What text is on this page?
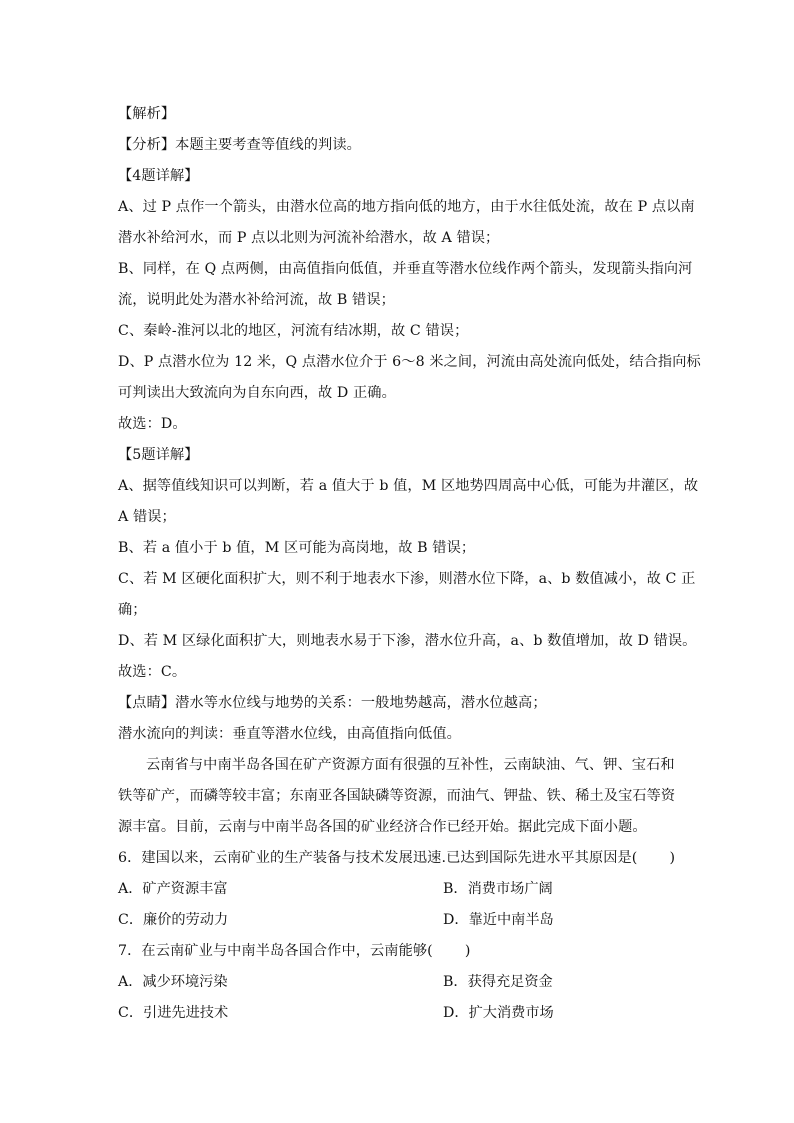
【解析】
【分析】本题主要考查等值线的判读。
【4题详解】
A、过 P 点作一个箭头，由潜水位高的地方指向低的地方，由于水往低处流，故在 P 点以南
潜水补给河水，而 P 点以北则为河流补给潜水，故 A 错误；
B、同样，在 Q 点两侧，由高值指向低值，并垂直等潜水位线作两个箭头，发现箭头指向河
流，说明此处为潜水补给河流，故 B 错误；
C、秦岭-淮河以北的地区，河流有结冰期，故 C 错误；
D、P 点潜水位为 12 米，Q 点潜水位介于 6～8 米之间，河流由高处流向低处，结合指向标
可判读出大致流向为自东向西，故 D 正确。
故选：D。
【5题详解】
A、据等值线知识可以判断，若 a 值大于 b 值，M 区地势四周高中心低，可能为井灌区，故
A 错误；
B、若 a 值小于 b 值，M 区可能为高岗地，故 B 错误；
C、若 M 区硬化面积扩大，则不利于地表水下渗，则潜水位下降，a、b 数值减小，故 C 正
确；
D、若 M 区绿化面积扩大，则地表水易于下渗，潜水位升高，a、b 数值增加，故 D 错误。
故选：C。
【点睛】潜水等水位线与地势的关系：一般地势越高，潜水位越高；
潜水流向的判读：垂直等潜水位线，由高值指向低值。
云南省与中南半岛各国在矿产资源方面有很强的互补性，云南缺油、气、钾、宝石和
铁等矿产，而磷等较丰富；东南亚各国缺磷等资源，而油气、钾盐、铁、稀土及宝石等资
源丰富。目前，云南与中南半岛各国的矿业经济合作已经开始。据此完成下面小题。
6．建国以来，云南矿业的生产装备与技术发展迅速.已达到国际先进水平其原因是( )
A．矿产资源丰富	B．消费市场广阔
C．廉价的劳动力	D．靠近中南半岛
7．在云南矿业与中南半岛各国合作中，云南能够( )
A．减少环境污染	B．获得充足资金
C．引进先进技术	D．扩大消费市场
